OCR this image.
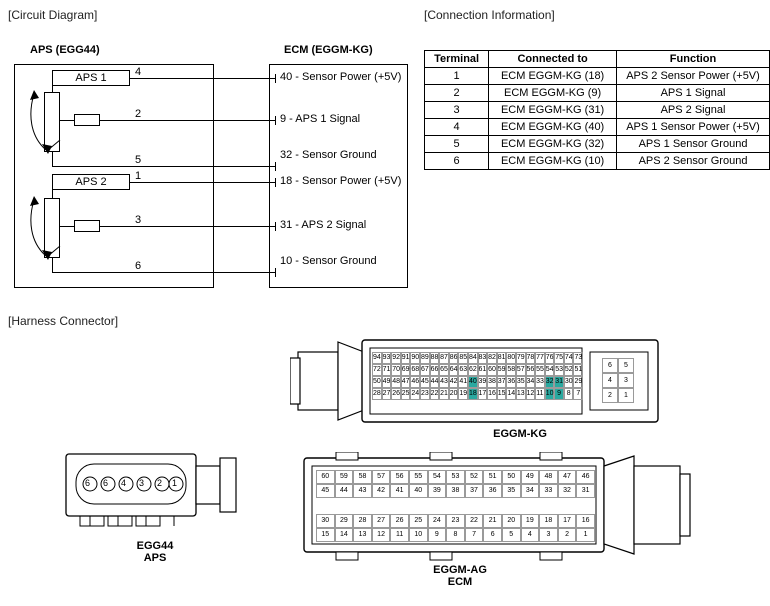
[Circuit Diagram]	[Connection Information]
[Harness Connector]
APS (EGG44)	ECM (EGGM-KG)
APS 1
APS 2
4
2
5
1
3
6
40 - Sensor Power (+5V)
9 - APS 1 Signal
32 - Sensor Ground
18 - Sensor Power (+5V)
31 - APS 2 Signal
10 - Sensor Ground
Terminal	Connected to	Function
1	ECM EGGM-KG (18)	APS 2 Sensor Power (+5V)
2	ECM EGGM-KG (9)	APS 1 Signal
3	ECM EGGM-KG (31)	APS 2 Signal
4	ECM EGGM-KG (40)	APS 1 Sensor Power (+5V)
5	ECM EGGM-KG (32)	APS 1 Sensor Ground
6	ECM EGGM-KG (10)	APS 2 Sensor Ground
6 6 4 3 2 1
EGG44
APS
94 93 92 91 90 89 88 87 86 85 84 83 82 81 80 79 78 77 76 75 74 73
72 71 70 69 68 67 66 65 64 63 62 61 60 59 58 57 56 55 54 53 52 51
50 49 48 47 46 45 44 43 42 41 40 39 38 37 36 35 34 33 32 31 30 29
28 27 26 25 24 23 22 21 20 19 18 17 16 15 14 13 12 11 10 9 8 7
6	5
4	3
2	1
EGGM-KG
60	59	58	57	56	55	54	53	52	51	50	49	48	47	46
45	44	43	42	41	40	39	38	37	36	35	34	33	32	31
30	29	28	27	26	25	24	23	22	21	20	19	18	17	16
15	14	13	12	11	10	9	8	7	6	5	4	3	2	1
EGGM-AG
ECM
